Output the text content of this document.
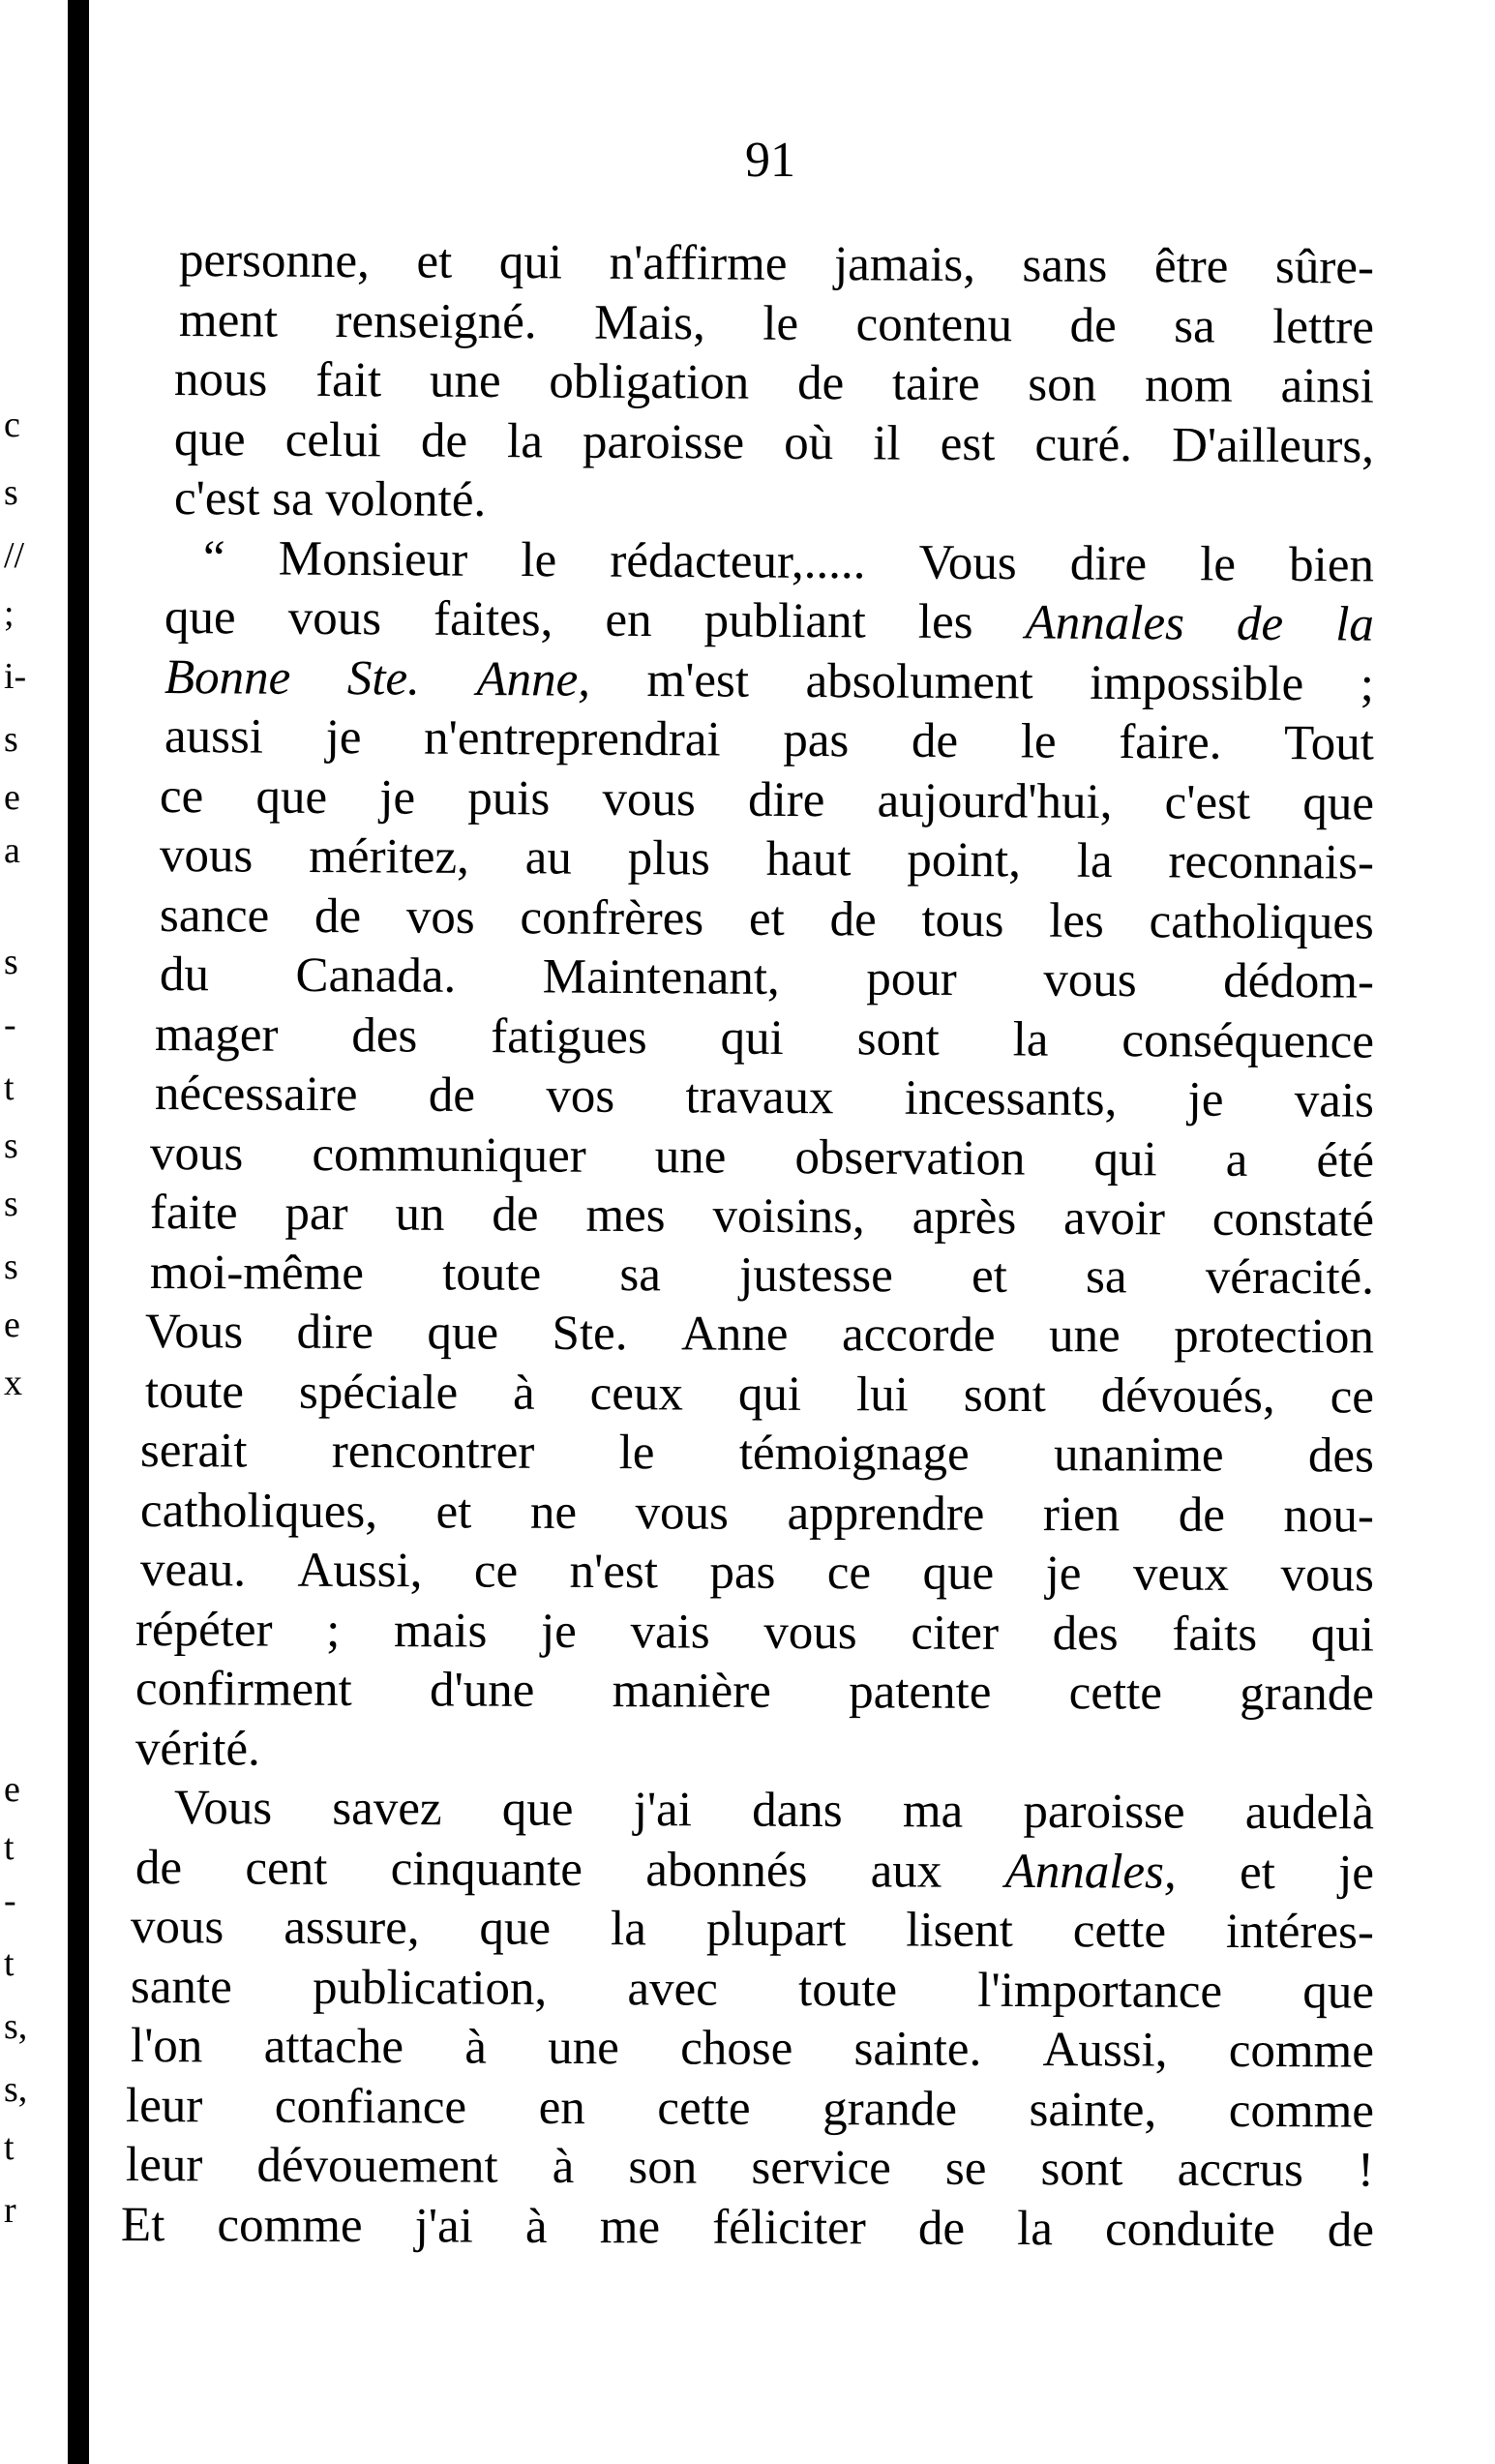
c
s
//
;
i-
s
e
a
s
-
t
s
s
s
e
x
e
t
-
t
s,
s,
t
r
91
personne, et qui n'affirme jamais, sans être sûre-
ment renseigné. Mais, le contenu de sa lettre
nous fait une obligation de taire son nom ainsi
que celui de la paroisse où il est curé. D'ailleurs,
c'est
sa
volonté.
“ Monsieur le rédacteur,..... Vous dire le bien
que vous faites, en publiant les Annales de la
Bonne Ste. Anne, m'est absolument impossible ;
aussi je n'entreprendrai pas de le faire. Tout
ce que je puis vous dire aujourd'hui, c'est que
vous méritez, au plus haut point, la reconnais-
sance de vos confrères et de tous les catholiques
du Canada. Maintenant, pour vous dédom-
mager des fatigues qui sont la conséquence
nécessaire de vos travaux incessants, je vais
vous communiquer une observation qui a été
faite par un de mes voisins, après avoir constaté
moi-même toute sa justesse et sa véracité.
Vous dire que Ste. Anne accorde une protection
toute spéciale à ceux qui lui sont dévoués, ce
serait rencontrer le témoignage unanime des
catholiques, et ne vous apprendre rien de nou-
veau. Aussi, ce n'est pas ce que je veux vous
répéter ; mais je vais vous citer des faits qui
confirment d'une manière patente cette grande
vérité.
Vous savez que j'ai dans ma paroisse audelà
de cent cinquante abonnés aux Annales, et je
vous assure, que la plupart lisent cette intéres-
sante publication, avec toute l'importance que
l'on attache à une chose sainte. Aussi, comme
leur confiance en cette grande sainte, comme
leur dévouement à son service se sont accrus !
Et comme j'ai à me féliciter de la conduite de
